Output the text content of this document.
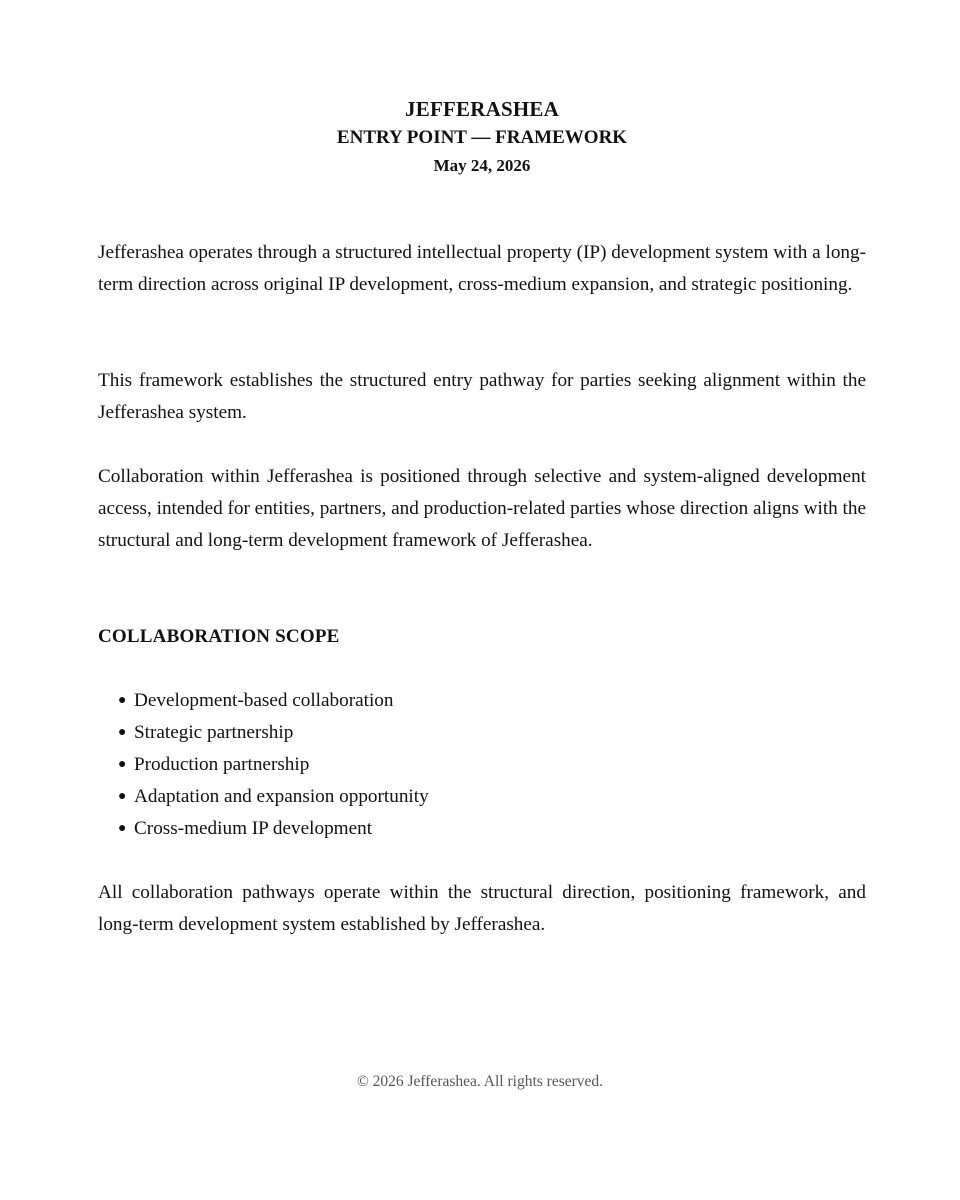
JEFFERASHEA

ENTRY POINT — FRAMEWORK

May 24, 2026

Jefferashea operates through a structured intellectual property (IP) development system with a long-term direction across original IP development, cross-medium expansion, and strategic positioning.

This framework establishes the structured entry pathway for parties seeking alignment within the Jefferashea system.

Collaboration within Jefferashea is positioned through selective and system-aligned development access, intended for entities, partners, and production-related parties whose direction aligns with the structural and long-term development framework of Jefferashea.

COLLABORATION SCOPE

● Development-based collaboration
● Strategic partnership
● Production partnership
● Adaptation and expansion opportunity
● Cross-medium IP development

All collaboration pathways operate within the structural direction, positioning framework, and long-term development system established by Jefferashea.

© 2026 Jefferashea. All rights reserved.
